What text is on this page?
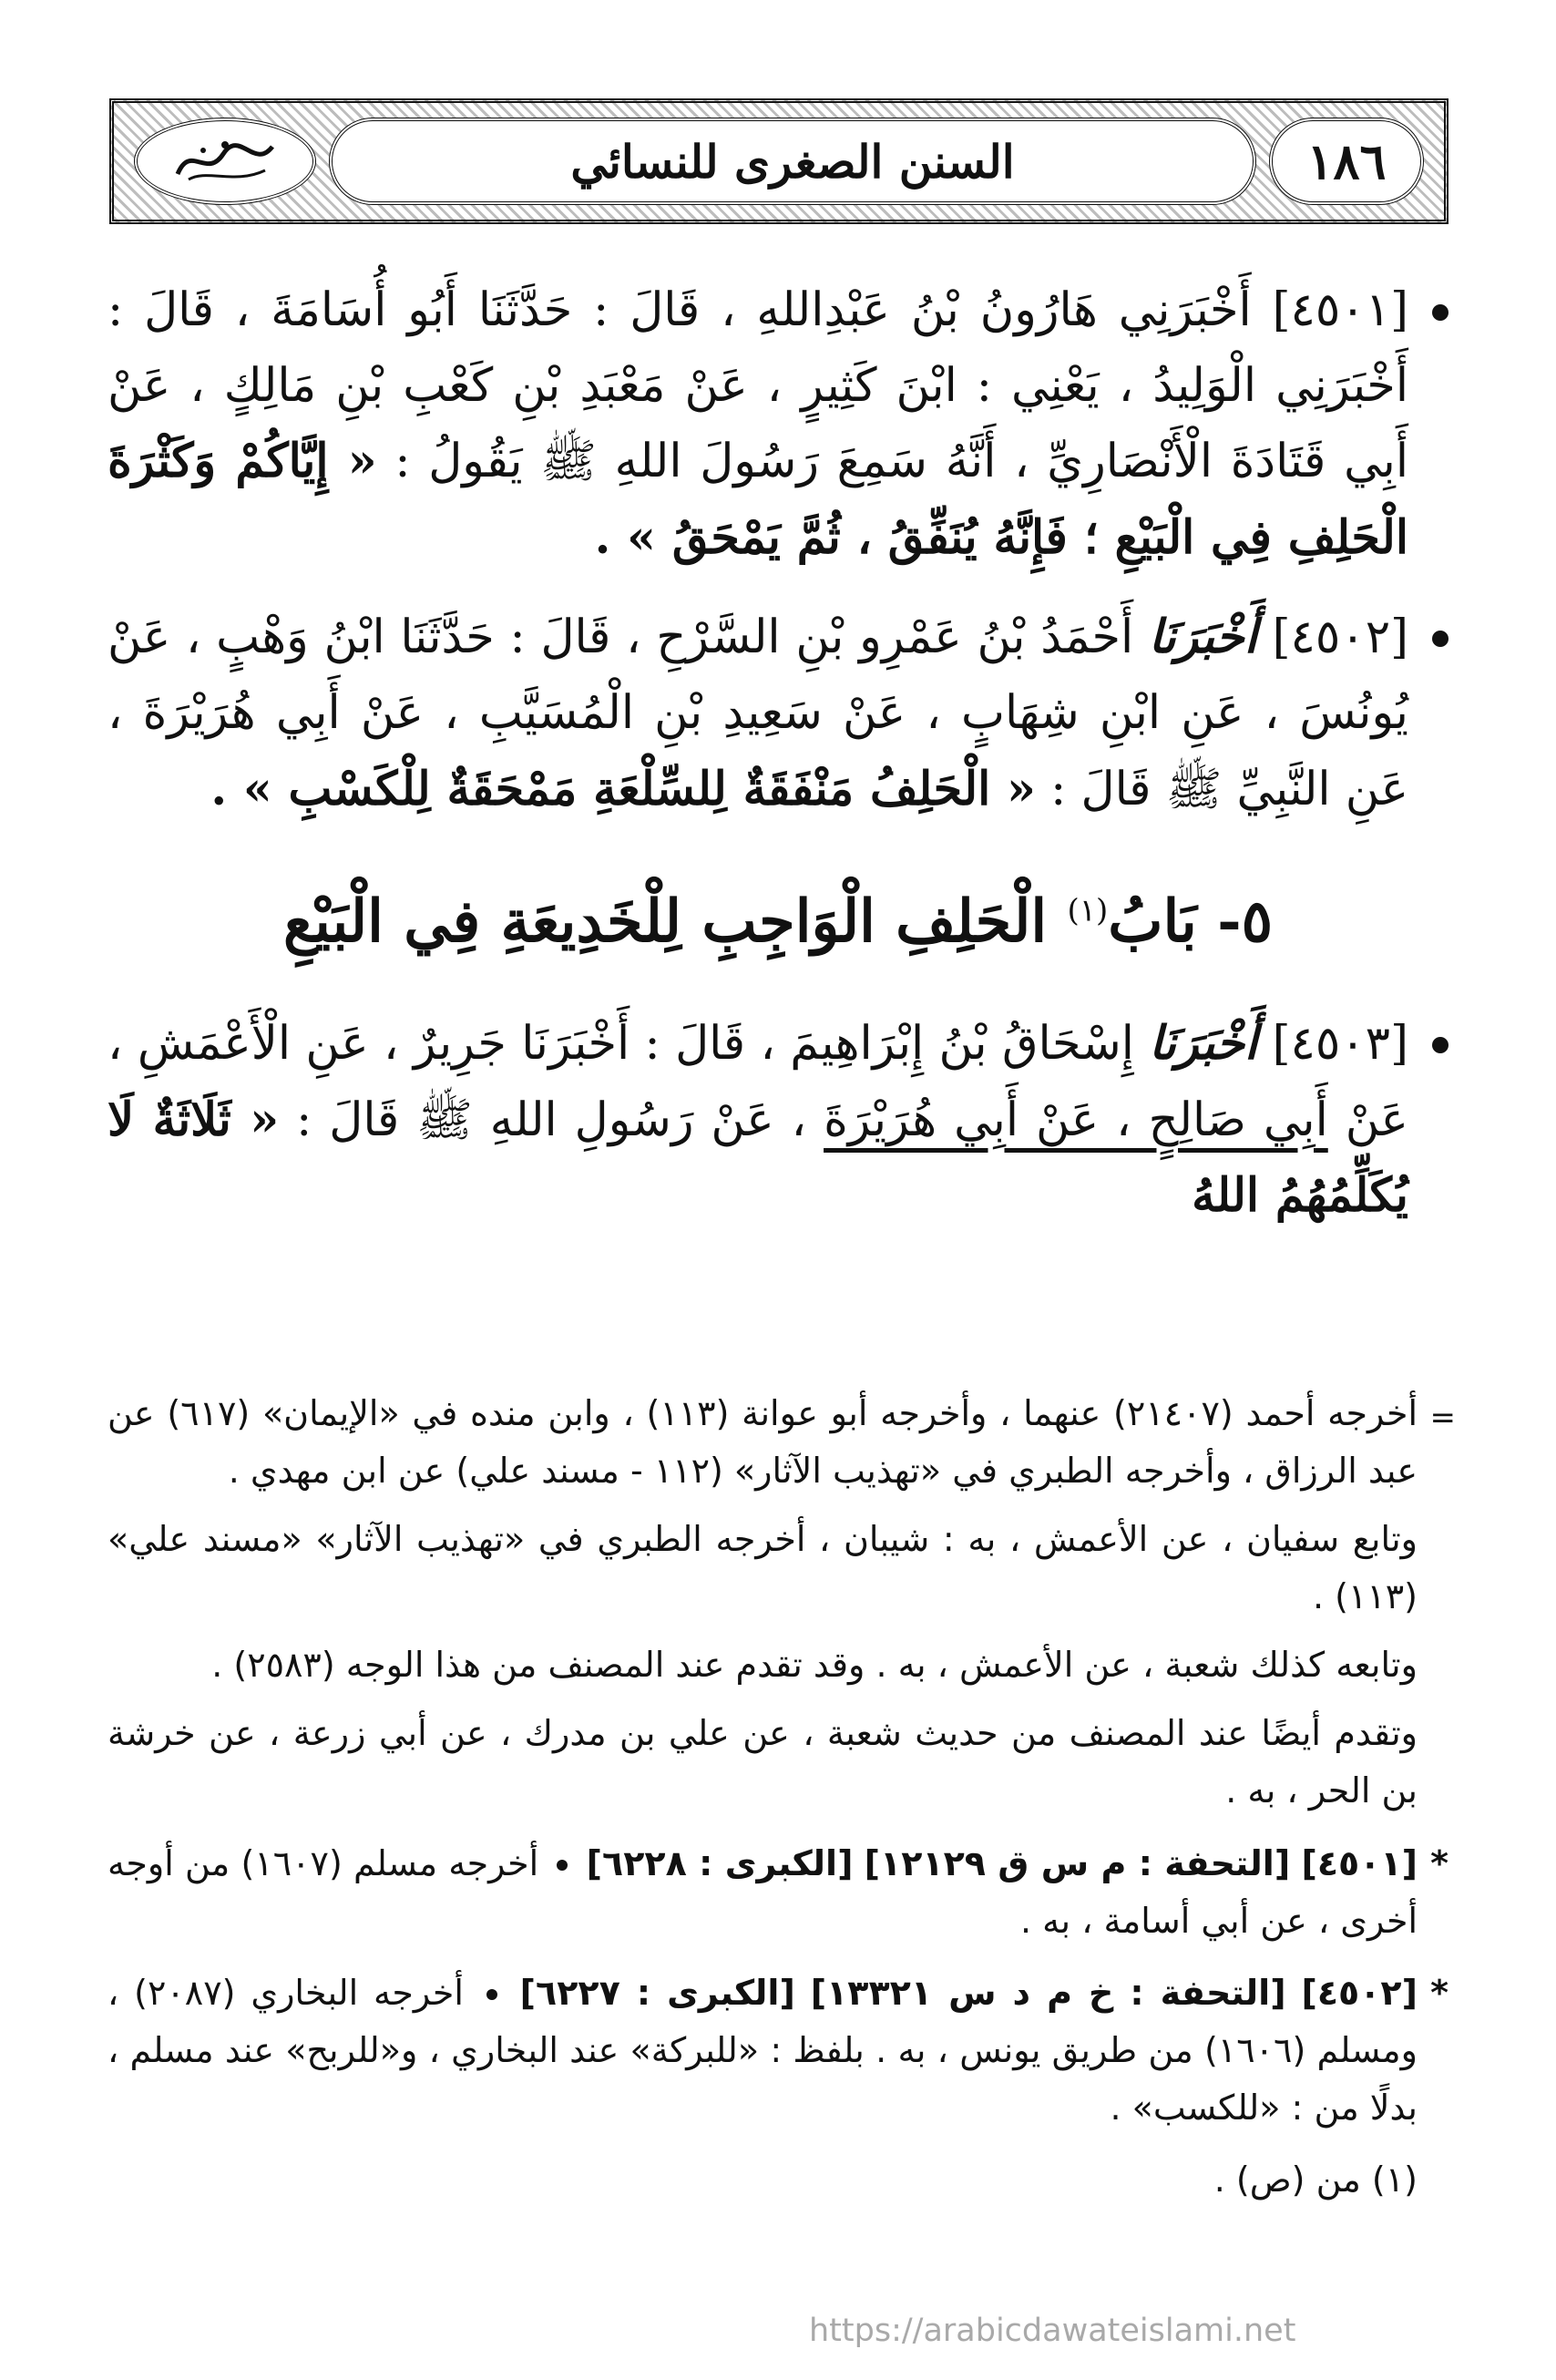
السنن الصغرى للنسائي	١٨٦
[٤٥٠١] أَخْبَرَنِي هَارُونُ بْنُ عَبْدِاللهِ ، قَالَ : حَدَّثَنَا أَبُو أُسَامَةَ ، قَالَ : أَخْبَرَنِي الْوَلِيدُ ، يَعْنِي : ابْنَ كَثِيرٍ ، عَنْ مَعْبَدِ بْنِ كَعْبِ بْنِ مَالِكٍ ، عَنْ أَبِي قَتَادَةَ الْأَنْصَارِيِّ ، أَنَّهُ سَمِعَ رَسُولَ اللهِ ﷺ يَقُولُ : « إِيَّاكُمْ وَكَثْرَةَ الْحَلِفِ فِي الْبَيْعِ ؛ فَإِنَّهُ يُنَفِّقُ ، ثُمَّ يَمْحَقُ » .
[٤٥٠٢] أَخْبَرَنَا أَحْمَدُ بْنُ عَمْرِو بْنِ السَّرْحِ ، قَالَ : حَدَّثَنَا ابْنُ وَهْبٍ ، عَنْ يُونُسَ ، عَنِ ابْنِ شِهَابٍ ، عَنْ سَعِيدِ بْنِ الْمُسَيَّبِ ، عَنْ أَبِي هُرَيْرَةَ ، عَنِ النَّبِيِّ ﷺ قَالَ : « الْحَلِفُ مَنْفَقَةٌ لِلسِّلْعَةِ مَمْحَقَةٌ لِلْكَسْبِ » .
٥- بَابُ$^{(١)}$ الْحَلِفِ الْوَاجِبِ لِلْخَدِيعَةِ فِي الْبَيْعِ
[٤٥٠٣] أَخْبَرَنَا إِسْحَاقُ بْنُ إِبْرَاهِيمَ ، قَالَ : أَخْبَرَنَا جَرِيرٌ ، عَنِ الْأَعْمَشِ ، عَنْ أَبِي صَالِحٍ ، عَنْ أَبِي هُرَيْرَةَ ، عَنْ رَسُولِ اللهِ ﷺ قَالَ : « ثَلَاثَةٌ لَا يُكَلِّمُهُمُ اللهُ
=

أخرجه أحمد (٢١٤٠٧) عنهما ، وأخرجه أبو عوانة (١١٣) ، وابن منده في «الإيمان» (٦١٧) عن عبد الرزاق ، وأخرجه الطبري في «تهذيب الآثار» (١١٢ - مسند علي) عن ابن مهدي .

وتابع سفيان ، عن الأعمش ، به : شيبان ، أخرجه الطبري في «تهذيب الآثار» «مسند علي» (١١٣) .

وتابعه كذلك شعبة ، عن الأعمش ، به . وقد تقدم عند المصنف من هذا الوجه (٢٥٨٣) .

وتقدم أيضًا عند المصنف من حديث شعبة ، عن علي بن مدرك ، عن أبي زرعة ، عن خرشة بن الحر ، به .

*
[٤٥٠١] [التحفة : م س ق ١٢١٢٩] [الكبرى : ٦٢٢٨]  أخرجه مسلم (١٦٠٧) من أوجه أخرى ، عن أبي أسامة ، به .
*
[٤٥٠٢] [التحفة : خ م د س ١٣٣٢١] [الكبرى : ٦٢٢٧]  أخرجه البخاري (٢٠٨٧) ، ومسلم (١٦٠٦) من طريق يونس ، به . بلفظ : «للبركة» عند البخاري ، و«للربح» عند مسلم ، بدلًا من : «للكسب» .
(١) من (ص) .
https://arabicdawateislami.net
